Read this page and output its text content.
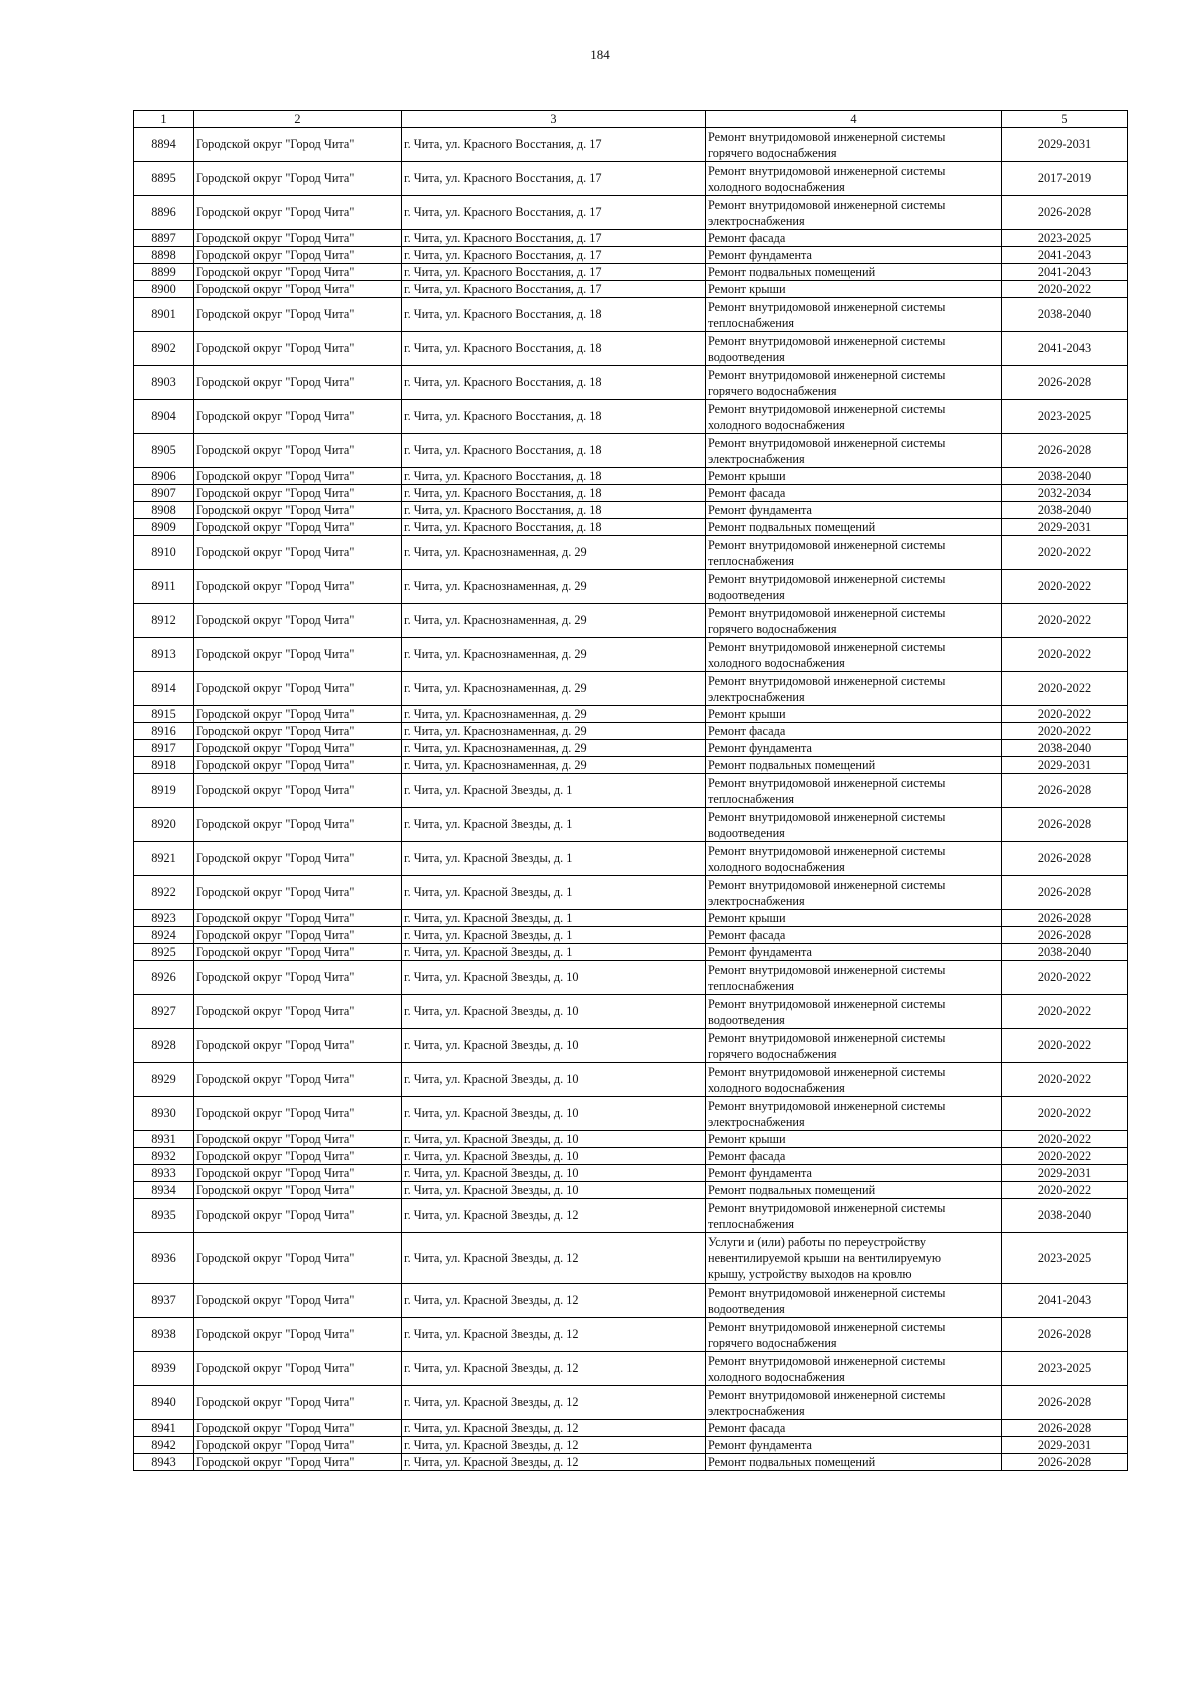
184
1	2	3	4	5
8894	Городской округ "Город Чита"	г. Чита, ул. Красного Восстания, д. 17	Ремонт внутридомовой инженерной системы
горячего водоснабжения	2029-2031
8895	Городской округ "Город Чита"	г. Чита, ул. Красного Восстания, д. 17	Ремонт внутридомовой инженерной системы
холодного водоснабжения	2017-2019
8896	Городской округ "Город Чита"	г. Чита, ул. Красного Восстания, д. 17	Ремонт внутридомовой инженерной системы
электроснабжения	2026-2028
8897	Городской округ "Город Чита"	г. Чита, ул. Красного Восстания, д. 17	Ремонт фасада	2023-2025
8898	Городской округ "Город Чита"	г. Чита, ул. Красного Восстания, д. 17	Ремонт фундамента	2041-2043
8899	Городской округ "Город Чита"	г. Чита, ул. Красного Восстания, д. 17	Ремонт подвальных помещений	2041-2043
8900	Городской округ "Город Чита"	г. Чита, ул. Красного Восстания, д. 17	Ремонт крыши	2020-2022
8901	Городской округ "Город Чита"	г. Чита, ул. Красного Восстания, д. 18	Ремонт внутридомовой инженерной системы
теплоснабжения	2038-2040
8902	Городской округ "Город Чита"	г. Чита, ул. Красного Восстания, д. 18	Ремонт внутридомовой инженерной системы
водоотведения	2041-2043
8903	Городской округ "Город Чита"	г. Чита, ул. Красного Восстания, д. 18	Ремонт внутридомовой инженерной системы
горячего водоснабжения	2026-2028
8904	Городской округ "Город Чита"	г. Чита, ул. Красного Восстания, д. 18	Ремонт внутридомовой инженерной системы
холодного водоснабжения	2023-2025
8905	Городской округ "Город Чита"	г. Чита, ул. Красного Восстания, д. 18	Ремонт внутридомовой инженерной системы
электроснабжения	2026-2028
8906	Городской округ "Город Чита"	г. Чита, ул. Красного Восстания, д. 18	Ремонт крыши	2038-2040
8907	Городской округ "Город Чита"	г. Чита, ул. Красного Восстания, д. 18	Ремонт фасада	2032-2034
8908	Городской округ "Город Чита"	г. Чита, ул. Красного Восстания, д. 18	Ремонт фундамента	2038-2040
8909	Городской округ "Город Чита"	г. Чита, ул. Красного Восстания, д. 18	Ремонт подвальных помещений	2029-2031
8910	Городской округ "Город Чита"	г. Чита, ул. Краснознаменная, д. 29	Ремонт внутридомовой инженерной системы
теплоснабжения	2020-2022
8911	Городской округ "Город Чита"	г. Чита, ул. Краснознаменная, д. 29	Ремонт внутридомовой инженерной системы
водоотведения	2020-2022
8912	Городской округ "Город Чита"	г. Чита, ул. Краснознаменная, д. 29	Ремонт внутридомовой инженерной системы
горячего водоснабжения	2020-2022
8913	Городской округ "Город Чита"	г. Чита, ул. Краснознаменная, д. 29	Ремонт внутридомовой инженерной системы
холодного водоснабжения	2020-2022
8914	Городской округ "Город Чита"	г. Чита, ул. Краснознаменная, д. 29	Ремонт внутридомовой инженерной системы
электроснабжения	2020-2022
8915	Городской округ "Город Чита"	г. Чита, ул. Краснознаменная, д. 29	Ремонт крыши	2020-2022
8916	Городской округ "Город Чита"	г. Чита, ул. Краснознаменная, д. 29	Ремонт фасада	2020-2022
8917	Городской округ "Город Чита"	г. Чита, ул. Краснознаменная, д. 29	Ремонт фундамента	2038-2040
8918	Городской округ "Город Чита"	г. Чита, ул. Краснознаменная, д. 29	Ремонт подвальных помещений	2029-2031
8919	Городской округ "Город Чита"	г. Чита, ул. Красной Звезды, д. 1	Ремонт внутридомовой инженерной системы
теплоснабжения	2026-2028
8920	Городской округ "Город Чита"	г. Чита, ул. Красной Звезды, д. 1	Ремонт внутридомовой инженерной системы
водоотведения	2026-2028
8921	Городской округ "Город Чита"	г. Чита, ул. Красной Звезды, д. 1	Ремонт внутридомовой инженерной системы
холодного водоснабжения	2026-2028
8922	Городской округ "Город Чита"	г. Чита, ул. Красной Звезды, д. 1	Ремонт внутридомовой инженерной системы
электроснабжения	2026-2028
8923	Городской округ "Город Чита"	г. Чита, ул. Красной Звезды, д. 1	Ремонт крыши	2026-2028
8924	Городской округ "Город Чита"	г. Чита, ул. Красной Звезды, д. 1	Ремонт фасада	2026-2028
8925	Городской округ "Город Чита"	г. Чита, ул. Красной Звезды, д. 1	Ремонт фундамента	2038-2040
8926	Городской округ "Город Чита"	г. Чита, ул. Красной Звезды, д. 10	Ремонт внутридомовой инженерной системы
теплоснабжения	2020-2022
8927	Городской округ "Город Чита"	г. Чита, ул. Красной Звезды, д. 10	Ремонт внутридомовой инженерной системы
водоотведения	2020-2022
8928	Городской округ "Город Чита"	г. Чита, ул. Красной Звезды, д. 10	Ремонт внутридомовой инженерной системы
горячего водоснабжения	2020-2022
8929	Городской округ "Город Чита"	г. Чита, ул. Красной Звезды, д. 10	Ремонт внутридомовой инженерной системы
холодного водоснабжения	2020-2022
8930	Городской округ "Город Чита"	г. Чита, ул. Красной Звезды, д. 10	Ремонт внутридомовой инженерной системы
электроснабжения	2020-2022
8931	Городской округ "Город Чита"	г. Чита, ул. Красной Звезды, д. 10	Ремонт крыши	2020-2022
8932	Городской округ "Город Чита"	г. Чита, ул. Красной Звезды, д. 10	Ремонт фасада	2020-2022
8933	Городской округ "Город Чита"	г. Чита, ул. Красной Звезды, д. 10	Ремонт фундамента	2029-2031
8934	Городской округ "Город Чита"	г. Чита, ул. Красной Звезды, д. 10	Ремонт подвальных помещений	2020-2022
8935	Городской округ "Город Чита"	г. Чита, ул. Красной Звезды, д. 12	Ремонт внутридомовой инженерной системы
теплоснабжения	2038-2040
8936	Городской округ "Город Чита"	г. Чита, ул. Красной Звезды, д. 12	Услуги и (или) работы по переустройству
невентилируемой крыши на вентилируемую
крышу, устройству выходов на кровлю	2023-2025
8937	Городской округ "Город Чита"	г. Чита, ул. Красной Звезды, д. 12	Ремонт внутридомовой инженерной системы
водоотведения	2041-2043
8938	Городской округ "Город Чита"	г. Чита, ул. Красной Звезды, д. 12	Ремонт внутридомовой инженерной системы
горячего водоснабжения	2026-2028
8939	Городской округ "Город Чита"	г. Чита, ул. Красной Звезды, д. 12	Ремонт внутридомовой инженерной системы
холодного водоснабжения	2023-2025
8940	Городской округ "Город Чита"	г. Чита, ул. Красной Звезды, д. 12	Ремонт внутридомовой инженерной системы
электроснабжения	2026-2028
8941	Городской округ "Город Чита"	г. Чита, ул. Красной Звезды, д. 12	Ремонт фасада	2026-2028
8942	Городской округ "Город Чита"	г. Чита, ул. Красной Звезды, д. 12	Ремонт фундамента	2029-2031
8943	Городской округ "Город Чита"	г. Чита, ул. Красной Звезды, д. 12	Ремонт подвальных помещений	2026-2028
